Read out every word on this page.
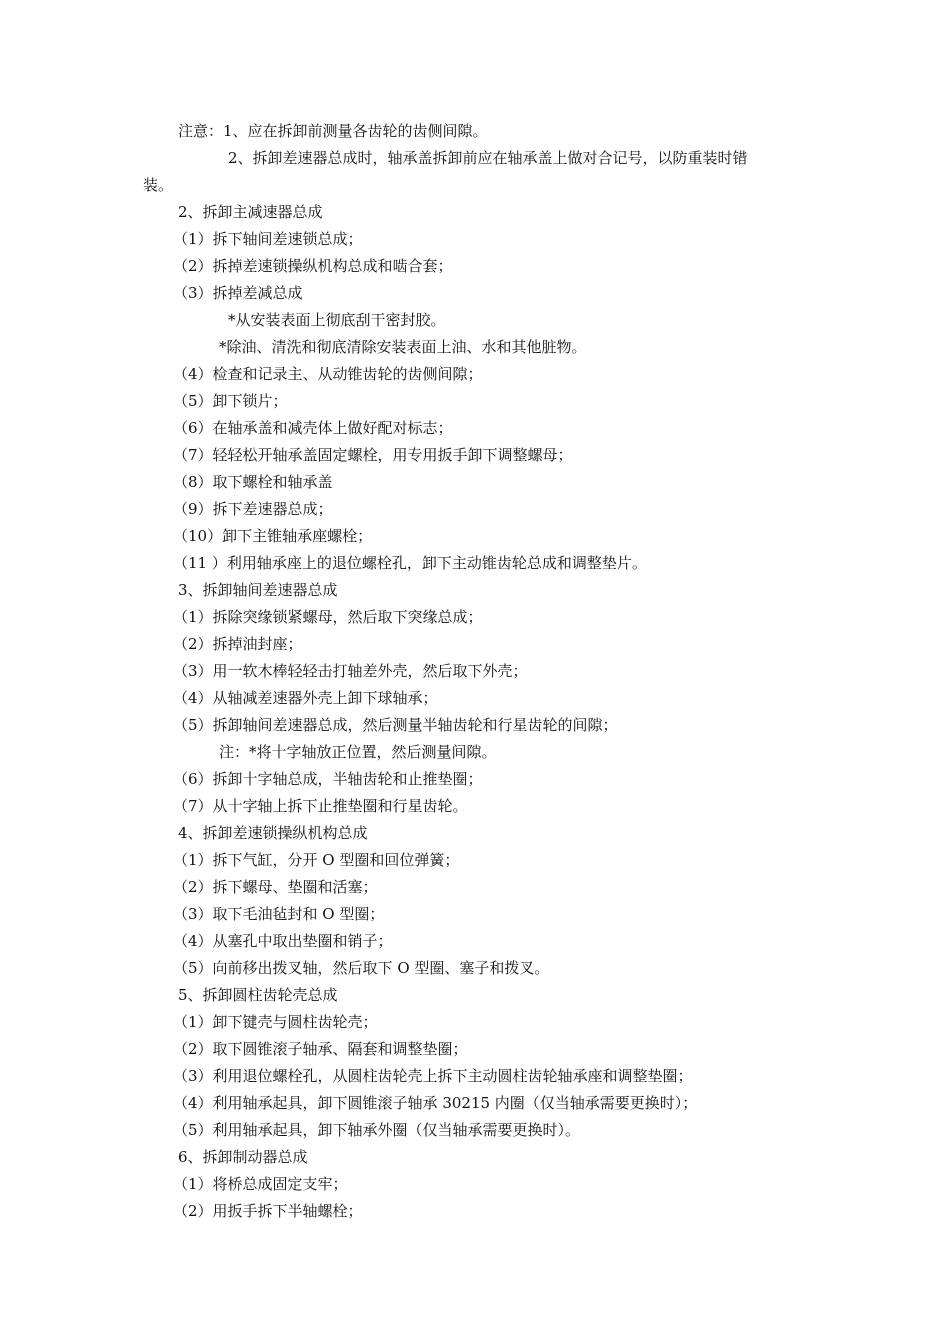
注意：1、应在拆卸前测量各齿轮的齿侧间隙。
2、拆卸差速器总成时，轴承盖拆卸前应在轴承盖上做对合记号，以防重装时错
装。
2、拆卸主减速器总成
（1）拆下轴间差速锁总成；
（2）拆掉差速锁操纵机构总成和啮合套；
（3）拆掉差减总成
*从安装表面上彻底刮干密封胶。
*除油、清洗和彻底清除安装表面上油、水和其他脏物。
（4）检查和记录主、从动锥齿轮的齿侧间隙；
（5）卸下锁片；
（6）在轴承盖和减壳体上做好配对标志；
（7）轻轻松开轴承盖固定螺栓，用专用扳手卸下调整螺母；
（8）取下螺栓和轴承盖
（9）拆下差速器总成；
（10）卸下主锥轴承座螺栓；
（11 ）利用轴承座上的退位螺栓孔，卸下主动锥齿轮总成和调整垫片。
3、拆卸轴间差速器总成
（1）拆除突缘锁紧螺母，然后取下突缘总成；
（2）拆掉油封座；
（3）用一软木棒轻轻击打轴差外壳，然后取下外壳；
（4）从轴减差速器外壳上卸下球轴承；
（5）拆卸轴间差速器总成，然后测量半轴齿轮和行星齿轮的间隙；
注：*将十字轴放正位置，然后测量间隙。
（6）拆卸十字轴总成，半轴齿轮和止推垫圈；
（7）从十字轴上拆下止推垫圈和行星齿轮。
4、拆卸差速锁操纵机构总成
（1）拆下气缸，分开 O 型圈和回位弹簧；
（2）拆下螺母、垫圈和活塞；
（3）取下毛油毡封和 O 型圈；
（4）从塞孔中取出垫圈和销子；
（5）向前移出拨叉轴，然后取下 O 型圈、塞子和拨叉。
5、拆卸圆柱齿轮壳总成
（1）卸下键壳与圆柱齿轮壳；
（2）取下圆锥滚子轴承、隔套和调整垫圈；
（3）利用退位螺栓孔，从圆柱齿轮壳上拆下主动圆柱齿轮轴承座和调整垫圈；
（4）利用轴承起具，卸下圆锥滚子轴承 30215 内圈（仅当轴承需要更换时）；
（5）利用轴承起具，卸下轴承外圈（仅当轴承需要更换时）。
6、拆卸制动器总成
（1）将桥总成固定支牢；
（2）用扳手拆下半轴螺栓；
